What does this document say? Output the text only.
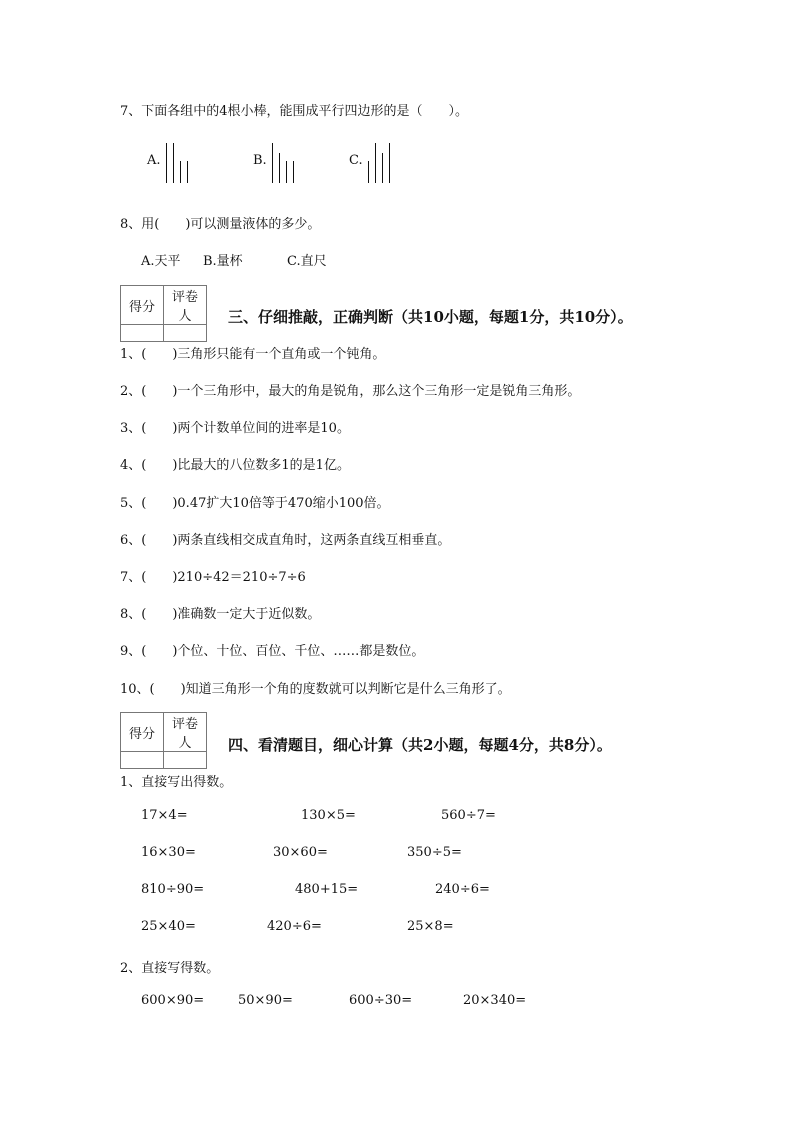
7、下面各组中的4根小棒，能围成平行四边形的是（　　）。
A.	B.	C.
8、用(　　)可以测量液体的多少。
A.天平 B.量杯	C.直尺
得分	评卷人
	三、仔细推敲，正确判断（共10小题，每题1分，共10分）。
1、(　　)三角形只能有一个直角或一个钝角。
2、(　　)一个三角形中，最大的角是锐角，那么这个三角形一定是锐角三角形。
3、(　　)两个计数单位间的进率是10。
4、(　　)比最大的八位数多1的是1亿。
5、(　　)0.47扩大10倍等于470缩小100倍。
6、(　　)两条直线相交成直角时，这两条直线互相垂直。
7、(　　)210÷42＝210÷7÷6
8、(　　)准确数一定大于近似数。
9、(　　)个位、十位、百位、千位、……都是数位。
10、(　　)知道三角形一个角的度数就可以判断它是什么三角形了。
得分	评卷人
	四、看清题目，细心计算（共2小题，每题4分，共8分）。
1、直接写出得数。
17×4=	130×5=	560÷7=
16×30=	30×60=	350÷5=
810÷90=	480+15=	240÷6=
25×40=	420÷6=	25×8=
2、直接写得数。
600×90=	50×90=	600÷30=	20×340=
